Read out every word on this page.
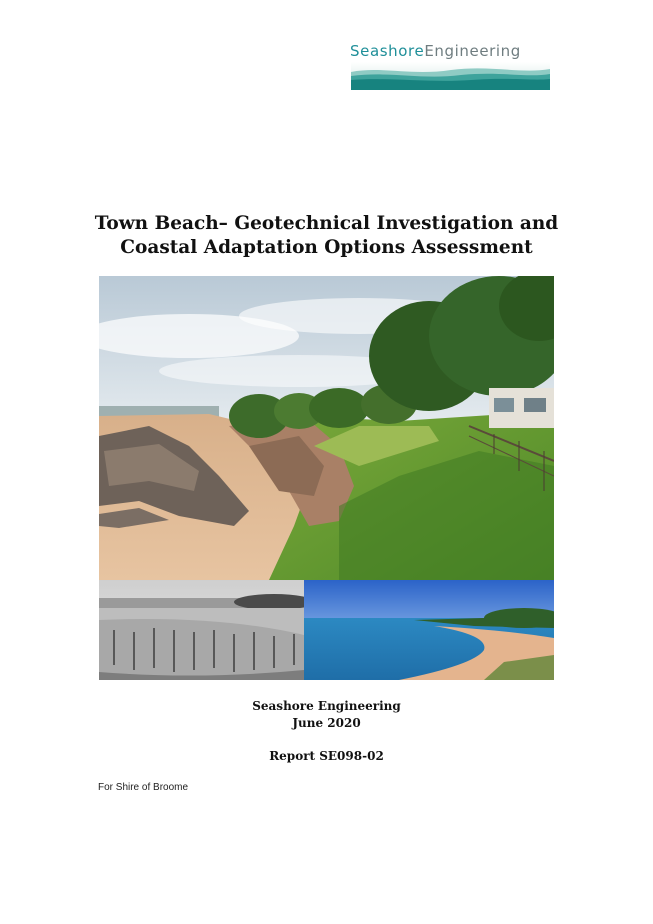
SeashoreEngineering
Town Beach– Geotechnical Investigation and
Coastal Adaptation Options Assessment
Seashore Engineering
June 2020
Report SE098-02
For Shire of Broome
